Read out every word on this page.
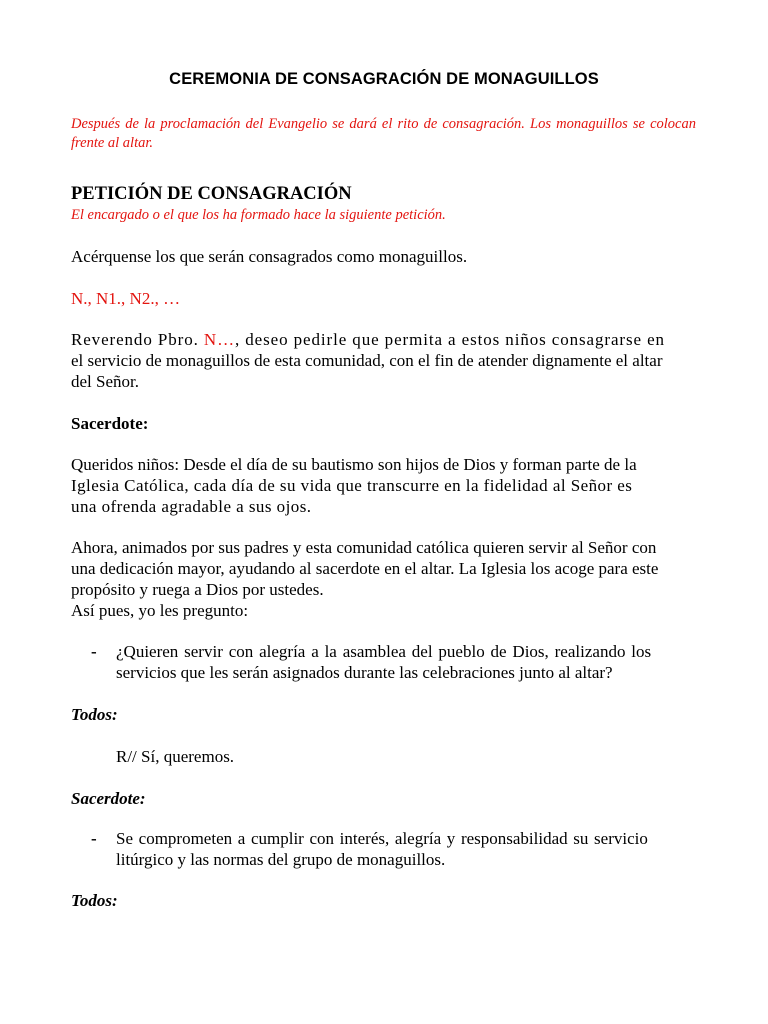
CEREMONIA DE CONSAGRACIÓN DE MONAGUILLOS

Después de la proclamación del Evangelio se dará el rito de consagración. Los monaguillos se colocan frente al altar.

PETICIÓN DE CONSAGRACIÓN
El encargado o el que los ha formado hace la siguiente petición.
Acérquense los que serán consagrados como monaguillos.
N., N1., N2., …
Reverendo Pbro. N…, deseo pedirle que permita a estos niños consagrarse en
el servicio de monaguillos de esta comunidad, con el fin de atender dignamente el altar
del Señor.
Sacerdote:
Queridos niños: Desde el día de su bautismo son hijos de Dios y forman parte de la
Iglesia Católica, cada día de su vida que transcurre en la fidelidad al Señor es
una ofrenda agradable a sus ojos.
Ahora, animados por sus padres y esta comunidad católica quieren servir al Señor con
una dedicación mayor, ayudando al sacerdote en el altar. La Iglesia los acoge para este
propósito y ruega a Dios por ustedes.
Así pues, yo les pregunto:
- ¿Quieren servir con alegría a la asamblea del pueblo de Dios, realizando los
servicios que les serán asignados durante las celebraciones junto al altar?
Todos:
R// Sí, queremos.
Sacerdote:
- Se comprometen a cumplir con interés, alegría y responsabilidad su servicio
litúrgico y las normas del grupo de monaguillos.
Todos:
